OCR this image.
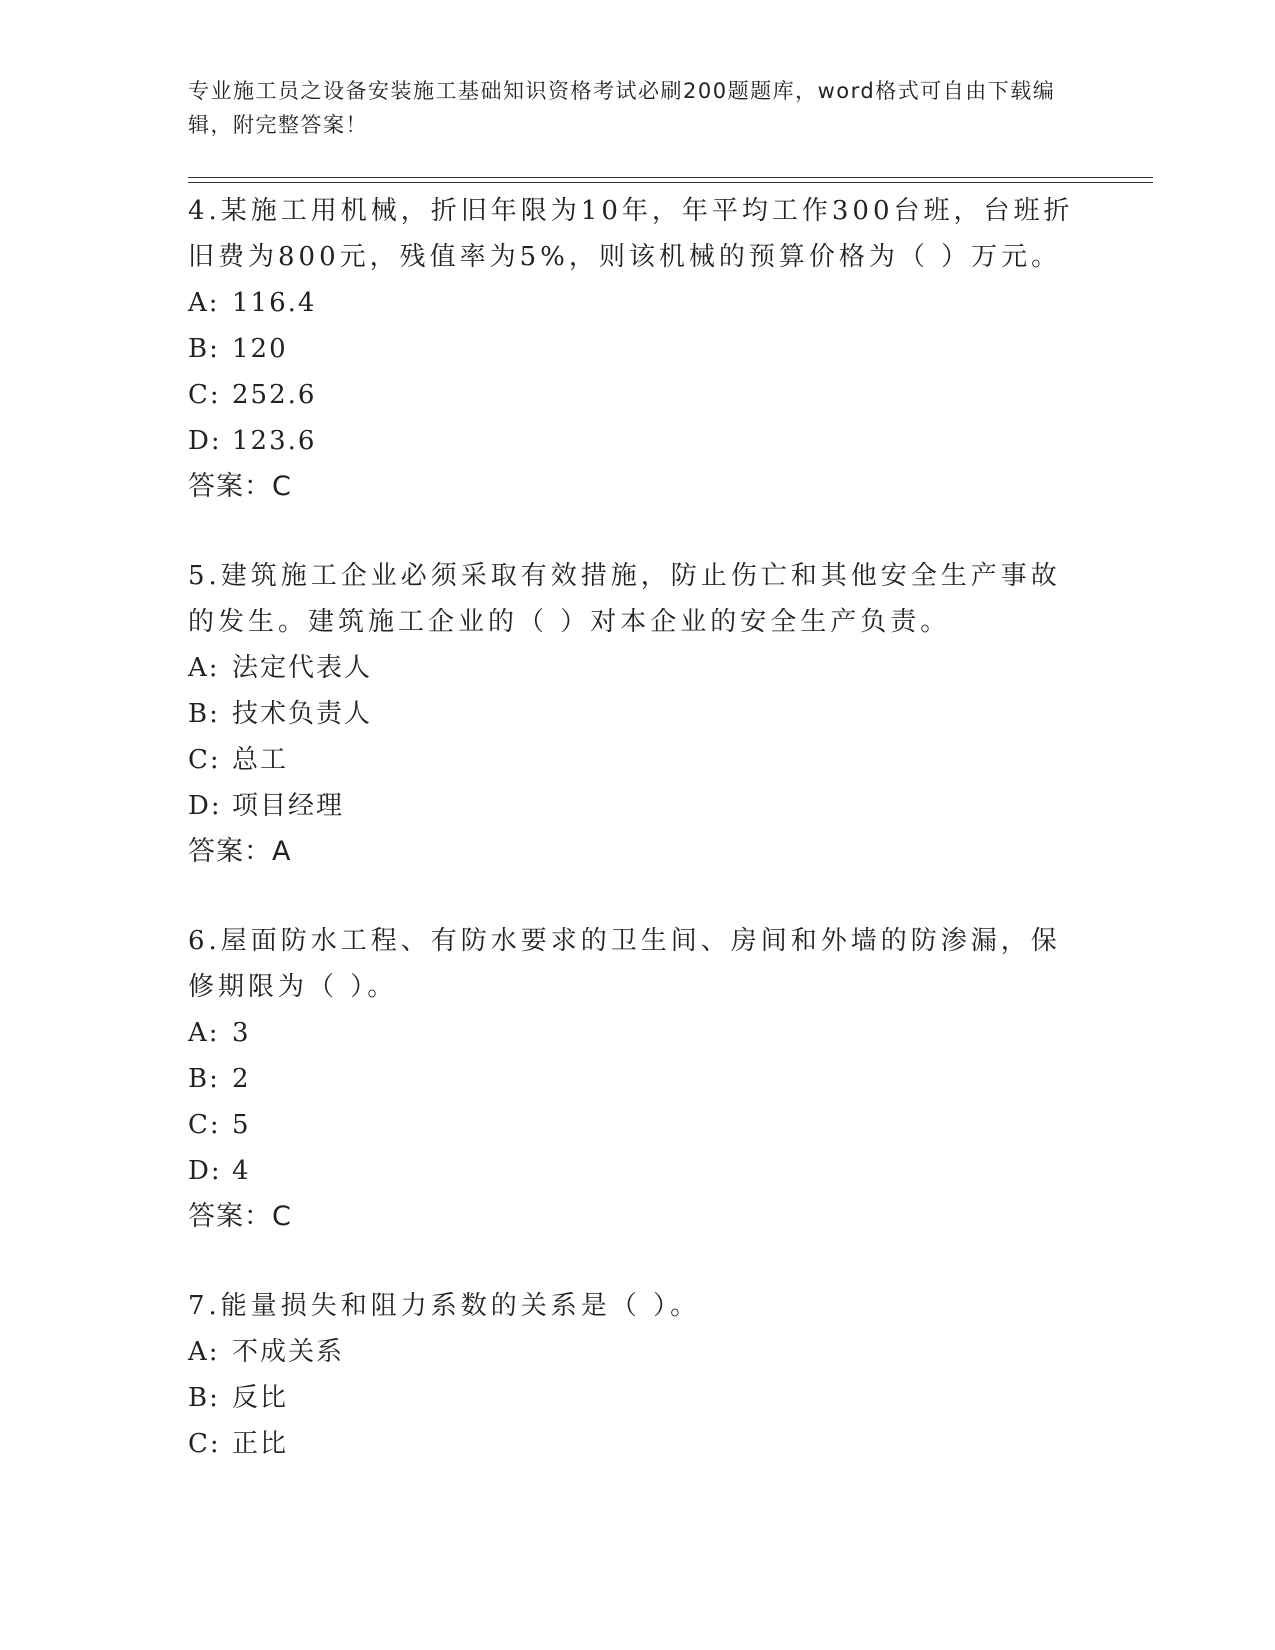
专业施工员之设备安装施工基础知识资格考试必刷200题题库，word格式可自由下载编辑，附完整答案！

4.某施工用机械，折旧年限为10年，年平均工作300台班，台班折旧费为800元，残值率为5%，则该机械的预算价格为（ ）万元。

A: 116.4
B: 120
C: 252.6
D: 123.6
答案：C

5.建筑施工企业必须采取有效措施，防止伤亡和其他安全生产事故的发生。建筑施工企业的（ ）对本企业的安全生产负责。

A: 法定代表人
B: 技术负责人
C: 总工
D: 项目经理
答案：A

6.屋面防水工程、有防水要求的卫生间、房间和外墙的防渗漏，保修期限为（ ）。

A: 3
B: 2
C: 5
D: 4
答案：C

7.能量损失和阻力系数的关系是（ ）。

A: 不成关系
B: 反比
C: 正比
